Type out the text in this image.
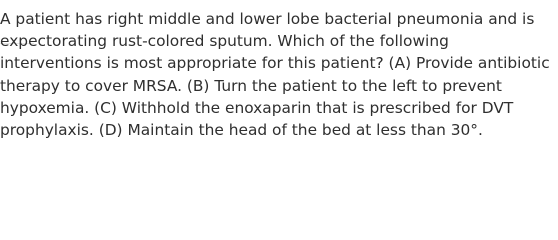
A patient has right middle and lower lobe bacterial pneumonia and is expectorating rust-colored sputum. Which of the following interventions is most appropriate for this patient? (A) Provide antibiotic therapy to cover MRSA. (B) Turn the patient to the left to prevent hypoxemia. (C) Withhold the enoxaparin that is prescribed for DVT prophylaxis. (D) Maintain the head of the bed at less than 30°.
